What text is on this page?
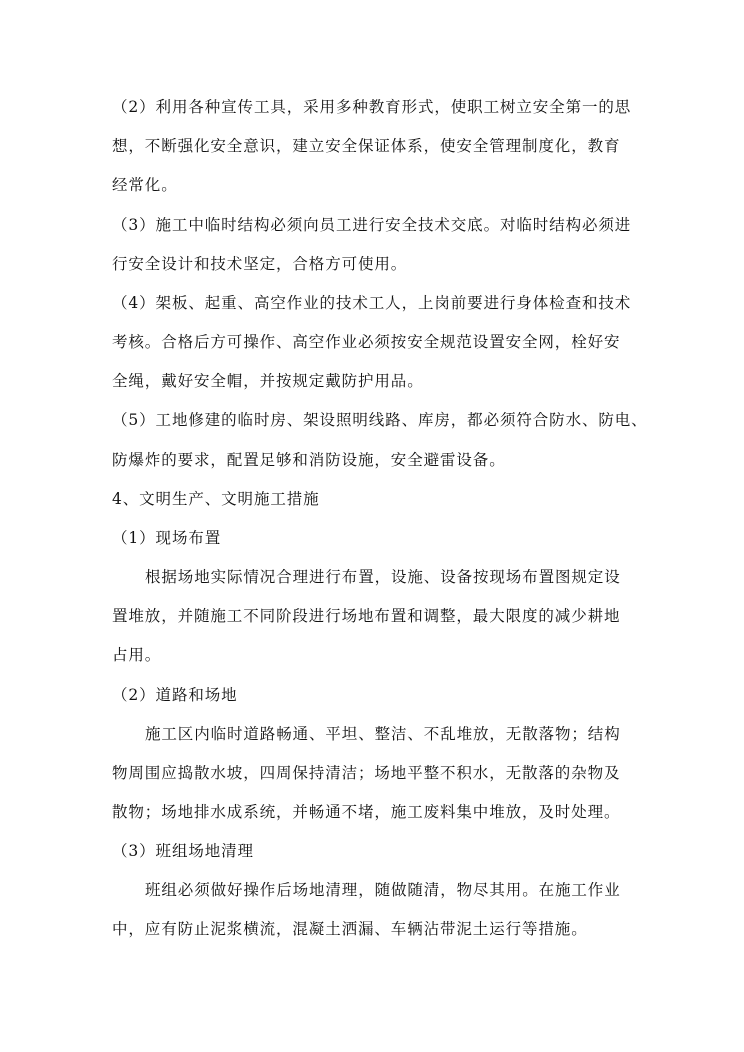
（2）利用各种宣传工具，采用多种教育形式，使职工树立安全第一的思
想，不断强化安全意识，建立安全保证体系，使安全管理制度化，教育
经常化。
（3）施工中临时结构必须向员工进行安全技术交底。对临时结构必须进
行安全设计和技术坚定，合格方可使用。
（4）架板、起重、高空作业的技术工人，上岗前要进行身体检查和技术
考核。合格后方可操作、高空作业必须按安全规范设置安全网，栓好安
全绳，戴好安全帽，并按规定戴防护用品。
（5）工地修建的临时房、架设照明线路、库房，都必须符合防水、防电、
防爆炸的要求，配置足够和消防设施，安全避雷设备。
4、文明生产、文明施工措施
（1）现场布置
根据场地实际情况合理进行布置，设施、设备按现场布置图规定设
置堆放，并随施工不同阶段进行场地布置和调整，最大限度的减少耕地
占用。
（2）道路和场地
施工区内临时道路畅通、平坦、整洁、不乱堆放，无散落物；结构
物周围应捣散水坡，四周保持清洁；场地平整不积水，无散落的杂物及
散物；场地排水成系统，并畅通不堵，施工废料集中堆放，及时处理。
（3）班组场地清理
班组必须做好操作后场地清理，随做随清，物尽其用。在施工作业
中，应有防止泥浆横流，混凝土洒漏、车辆沾带泥土运行等措施。
